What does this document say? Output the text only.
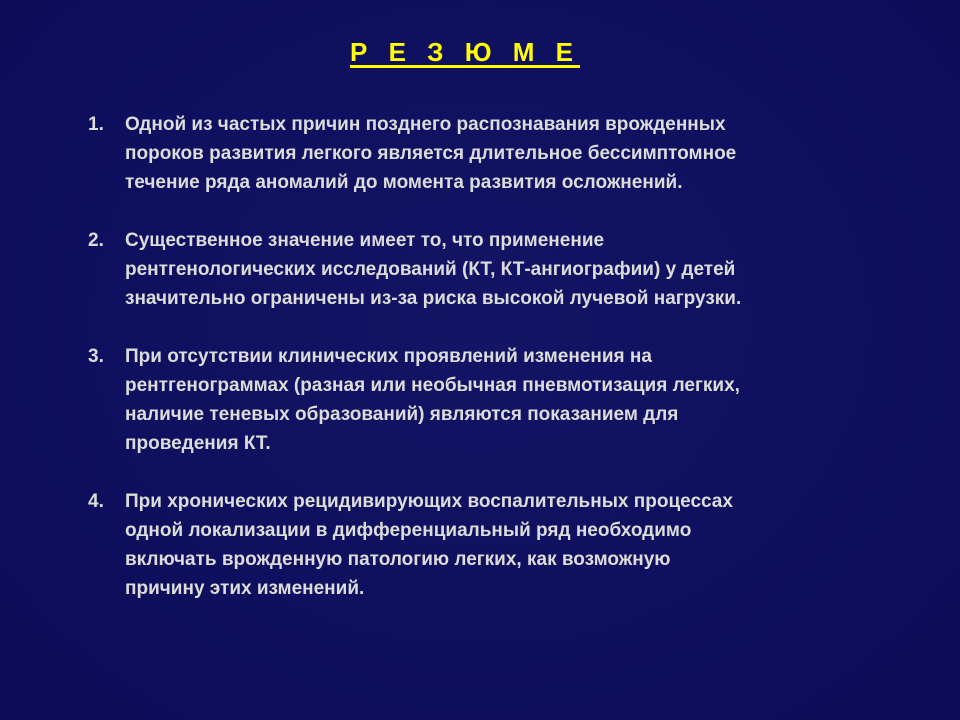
Р Е З Ю М Е
1.	Одной из частых причин позднего распознавания врожденных
пороков развития легкого является длительное бессимптомное
течение ряда аномалий до момента развития осложнений.
2.	Существенное значение имеет то, что применение
рентгенологических исследований (КТ, КТ-ангиографии) у детей
значительно ограничены из-за риска высокой лучевой нагрузки.
3.	При отсутствии клинических проявлений изменения на
рентгенограммах (разная или необычная пневмотизация легких,
наличие теневых образований) являются показанием для
проведения КТ.
4.	При хронических рецидивирующих воспалительных процессах
одной локализации в дифференциальный ряд необходимо
включать врожденную патологию легких, как возможную
причину этих изменений.
